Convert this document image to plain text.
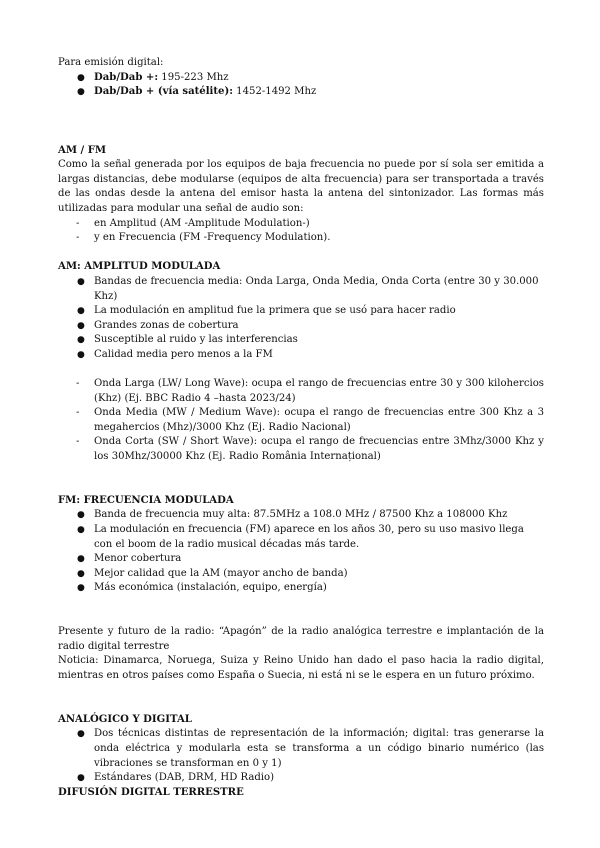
Para emisión digital:

● Dab/Dab +: 195-223 Mhz
● Dab/Dab + (vía satélite): 1452-1492 Mhz

AM / FM

Como la señal generada por los equipos de baja frecuencia no puede por sí sola ser emitida a largas distancias, debe modularse (equipos de alta frecuencia) para ser transportada a través de las ondas desde la antena del emisor hasta la antena del sintonizador. Las formas más utilizadas para modular una señal de audio son:

- en Amplitud (AM -Amplitude Modulation-)
- y en Frecuencia (FM -Frequency Modulation).

AM: AMPLITUD MODULADA

● Bandas de frecuencia media: Onda Larga, Onda Media, Onda Corta (entre 30 y 30.000 Khz)
● La modulación en amplitud fue la primera que se usó para hacer radio
● Grandes zonas de cobertura
● Susceptible al ruido y las interferencias
● Calidad media pero menos a la FM
- Onda Larga (LW/ Long Wave): ocupa el rango de frecuencias entre 30 y 300 kilohercios (Khz) (Ej. BBC Radio 4 –hasta 2023/24)
- Onda Media (MW / Medium Wave): ocupa el rango de frecuencias entre 300 Khz a 3 megahercios (Mhz)/3000 Khz (Ej. Radio Nacional)
- Onda Corta (SW / Short Wave): ocupa el rango de frecuencias entre 3Mhz/3000 Khz y los 30Mhz/30000 Khz (Ej. Radio România Internațional)

FM: FRECUENCIA MODULADA

● Banda de frecuencia muy alta: 87.5MHz a 108.0 MHz / 87500 Khz a 108000 Khz
● La modulación en frecuencia (FM) aparece en los años 30, pero su uso masivo llega con el boom de la radio musical décadas más tarde.
● Menor cobertura
● Mejor calidad que la AM (mayor ancho de banda)
● Más económica (instalación, equipo, energía)

Presente y futuro de la radio: “Apagón” de la radio analógica terrestre e implantación de la radio digital terrestre

Noticia: Dinamarca, Noruega, Suiza y Reino Unido han dado el paso hacia la radio digital, mientras en otros países como España o Suecia, ni está ni se le espera en un futuro próximo.

ANALÓGICO Y DIGITAL

● Dos técnicas distintas de representación de la información; digital: tras generarse la onda eléctrica y modularla esta se transforma a un código binario numérico (las vibraciones se transforman en 0 y 1)
● Estándares (DAB, DRM, HD Radio)

DIFUSIÓN DIGITAL TERRESTRE
